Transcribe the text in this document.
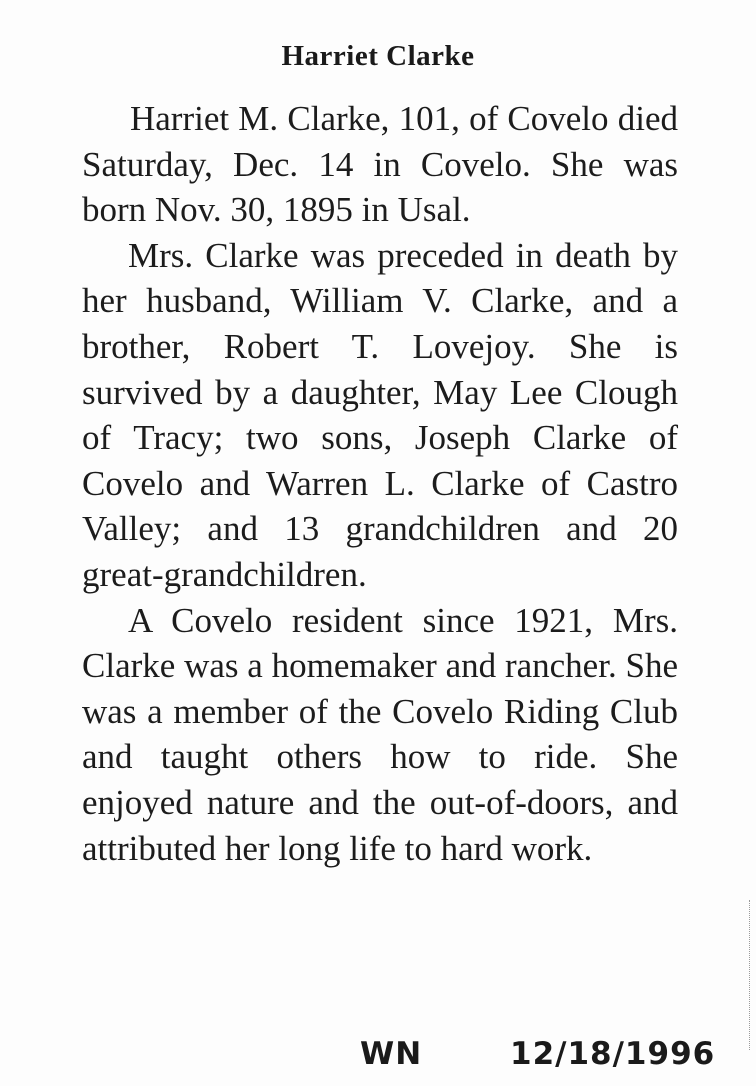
Harriet Clarke

Harriet M. Clarke, 101, of Covelo died Saturday, Dec. 14 in Covelo. She was born Nov. 30, 1895 in Usal.

Mrs. Clarke was preceded in death by her husband, William V. Clarke, and a brother, Robert T. Lovejoy. She is survived by a daughter, May Lee Clough of Tracy; two sons, Joseph Clarke of Covelo and Warren L. Clarke of Castro Valley; and 13 grandchildren and 20 great-grandchildren.

A Covelo resident since 1921, Mrs. Clarke was a homemaker and rancher. She was a member of the Covelo Riding Club and taught others how to ride. She enjoyed nature and the out-of-doors, and attributed her long life to hard work.

WN	12/18/1996
